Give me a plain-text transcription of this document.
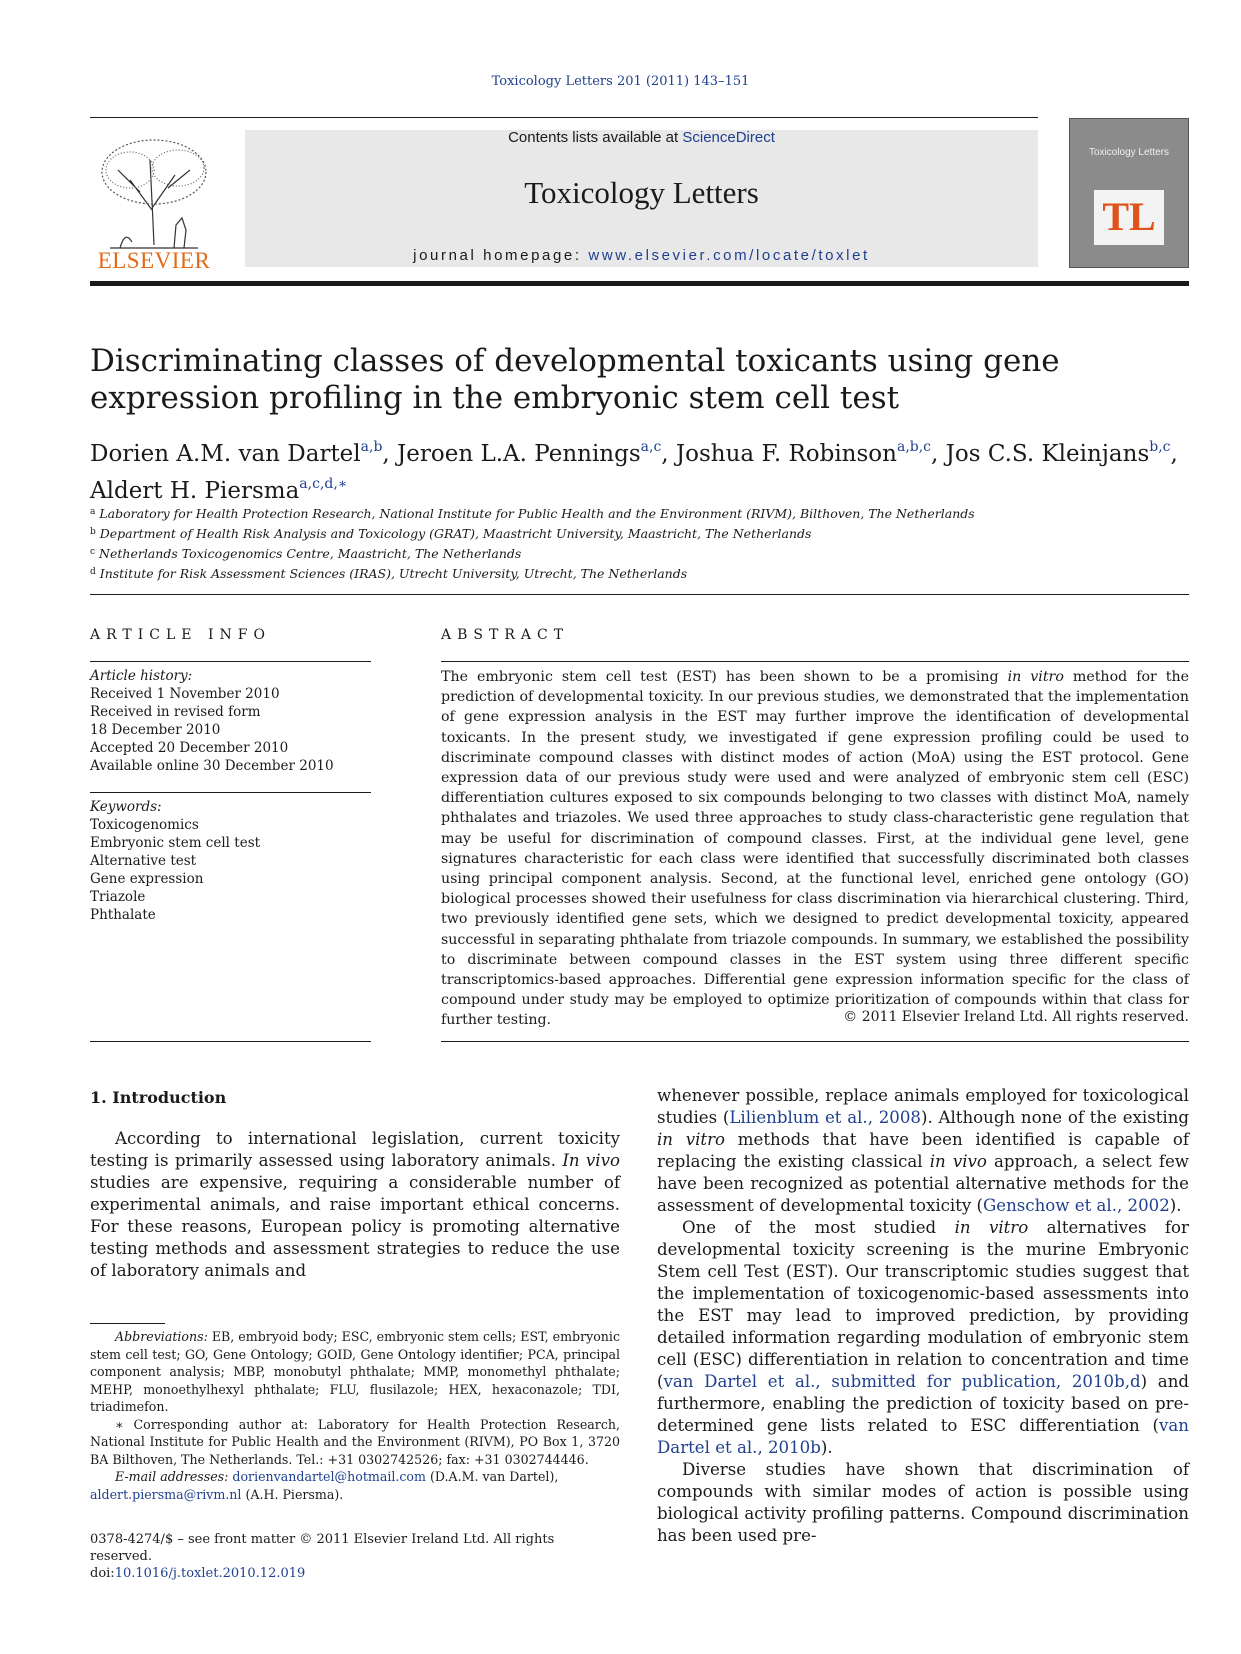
Toxicology Letters 201 (2011) 143–151
ELSEVIER
Contents lists available at ScienceDirect
Toxicology Letters
journal homepage: www.elsevier.com/locate/toxlet
Toxicology Letters
TL
Discriminating classes of developmental toxicants using gene expression profiling in the embryonic stem cell test
Dorien A.M. van Dartel$^{a,b}$, Jeroen L.A. Pennings$^{a,c}$, Joshua F. Robinson$^{a,b,c}$, Jos C.S. Kleinjans$^{b,c}$,
Aldert H. Piersma$^{a,c,d,∗}$
$^a$ Laboratory for Health Protection Research, National Institute for Public Health and the Environment (RIVM), Bilthoven, The Netherlands
$^b$ Department of Health Risk Analysis and Toxicology (GRAT), Maastricht University, Maastricht, The Netherlands
$^c$ Netherlands Toxicogenomics Centre, Maastricht, The Netherlands
$^d$ Institute for Risk Assessment Sciences (IRAS), Utrecht University, Utrecht, The Netherlands
ARTICLE INFO	ABSTRACT
Article history:
Received 1 November 2010
Received in revised form
18 December 2010
Accepted 20 December 2010
Available online 30 December 2010
Keywords:
Toxicogenomics
Embryonic stem cell test
Alternative test
Gene expression
Triazole
Phthalate
The embryonic stem cell test (EST) has been shown to be a promising in vitro method for the prediction of developmental toxicity. In our previous studies, we demonstrated that the implementation of gene expression analysis in the EST may further improve the identification of developmental toxicants. In the present study, we investigated if gene expression profiling could be used to discriminate compound classes with distinct modes of action (MoA) using the EST protocol. Gene expression data of our previous study were used and were analyzed of embryonic stem cell (ESC) differentiation cultures exposed to six compounds belonging to two classes with distinct MoA, namely phthalates and triazoles. We used three approaches to study class-characteristic gene regulation that may be useful for discrimination of compound classes. First, at the individual gene level, gene signatures characteristic for each class were identified that successfully discriminated both classes using principal component analysis. Second, at the functional level, enriched gene ontology (GO) biological processes showed their usefulness for class discrimination via hierarchical clustering. Third, two previously identified gene sets, which we designed to predict developmental toxicity, appeared successful in separating phthalate from triazole compounds. In summary, we established the possibility to discriminate between compound classes in the EST system using three different specific transcriptomics-based approaches. Differential gene expression information specific for the class of compound under study may be employed to optimize prioritization of compounds within that class for further testing.	© 2011 Elsevier Ireland Ltd. All rights reserved.
1. Introduction

According to international legislation, current toxicity testing is primarily assessed using laboratory animals. In vivo studies are expensive, requiring a considerable number of experimental animals, and raise important ethical concerns. For these reasons, European policy is promoting alternative testing methods and assessment strategies to reduce the use of laboratory animals and

whenever possible, replace animals employed for toxicological studies (Lilienblum et al., 2008). Although none of the existing in vitro methods that have been identified is capable of replacing the existing classical in vivo approach, a select few have been recognized as potential alternative methods for the assessment of developmental toxicity (Genschow et al., 2002).

One of the most studied in vitro alternatives for developmental toxicity screening is the murine Embryonic Stem cell Test (EST). Our transcriptomic studies suggest that the implementation of toxicogenomic-based assessments into the EST may lead to improved prediction, by providing detailed information regarding modulation of embryonic stem cell (ESC) differentiation in relation to concentration and time (van Dartel et al., submitted for publication, 2010b,d) and furthermore, enabling the prediction of toxicity based on pre-determined gene lists related to ESC differentiation (van Dartel et al., 2010b).

Diverse studies have shown that discrimination of compounds with similar modes of action is possible using biological activity profiling patterns. Compound discrimination has been used pre-

Abbreviations: EB, embryoid body; ESC, embryonic stem cells; EST, embryonic stem cell test; GO, Gene Ontology; GOID, Gene Ontology identifier; PCA, principal component analysis; MBP, monobutyl phthalate; MMP, monomethyl phthalate; MEHP, monoethylhexyl phthalate; FLU, flusilazole; HEX, hexaconazole; TDI, triadimefon.

∗ Corresponding author at: Laboratory for Health Protection Research, National Institute for Public Health and the Environment (RIVM), PO Box 1, 3720 BA Bilthoven, The Netherlands. Tel.: +31 0302742526; fax: +31 0302744446.

E-mail addresses: dorienvandartel@hotmail.com (D.A.M. van Dartel),
aldert.piersma@rivm.nl (A.H. Piersma).

0378-4274/$ – see front matter © 2011 Elsevier Ireland Ltd. All rights reserved.
doi:10.1016/j.toxlet.2010.12.019
